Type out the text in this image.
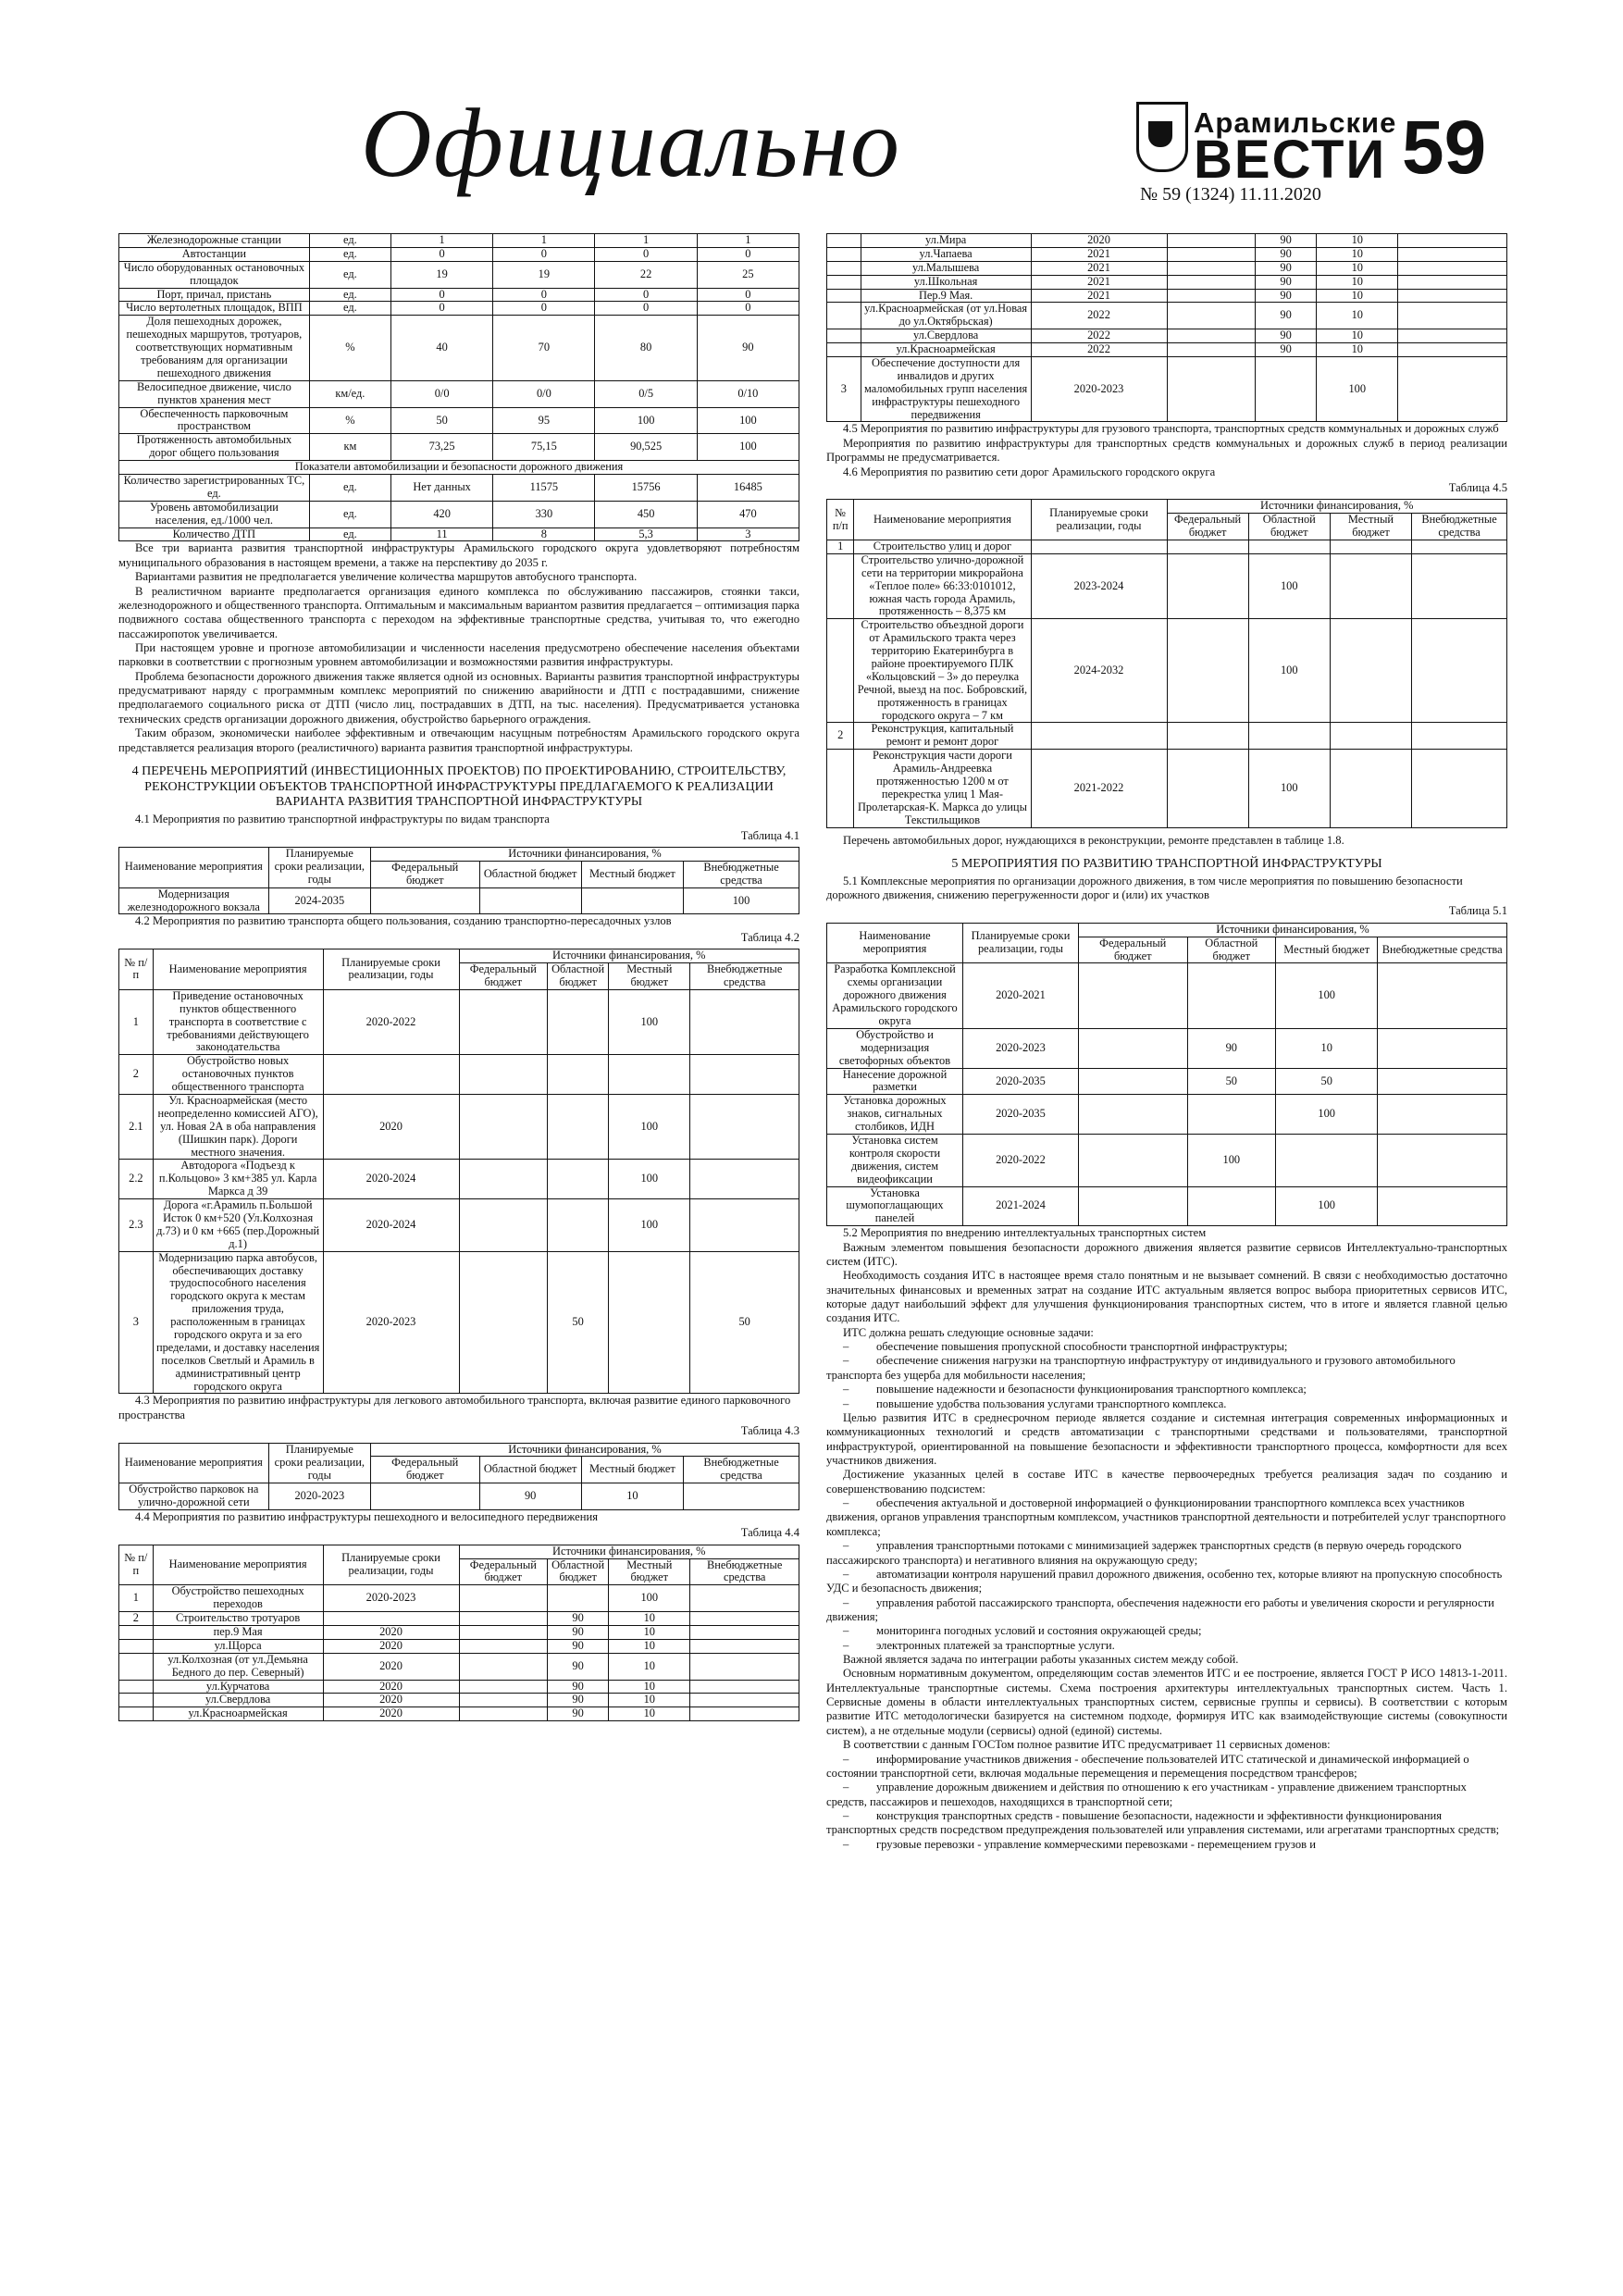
Официально	Арамильские
ВЕСТИ 59
№ 59 (1324) 11.11.2020
Железнодорожные станции	ед.	1	1	1	1
Автостанции	ед.	0	0	0	0
Число оборудованных остановочных площадок	ед.	19	19	22	25
Порт, причал, пристань	ед.	0	0	0	0
Число вертолетных площадок, ВПП	ед.	0	0	0	0
Доля пешеходных дорожек, пешеходных маршрутов, тротуаров, соответствующих нормативным требованиям для организации пешеходного движения	%	40	70	80	90
Велосипедное движение, число пунктов хранения мест	км/ед.	0/0	0/0	0/5	0/10
Обеспеченность парковочным пространством	%	50	95	100	100
Протяженность автомобильных дорог общего пользования	км	73,25	75,15	90,525	100
Показатели автомобилизации и безопасности дорожного движения					
Количество зарегистрированных ТС, ед.	ед.	Нет данных	11575	15756	16485
Уровень автомобилизации населения, ед./1000 чел.	ед.	420	330	450	470
Количество ДТП	ед.	11	8	5,3	3

Все три варианта развития транспортной инфраструктуры Арамильского городского округа удовлетворяют потребностям муниципального образования в настоящем времени, а также на перспективу до 2035 г.

Вариантами развития не предполагается увеличение количества маршрутов автобусного транспорта.

В реалистичном варианте предполагается организация единого комплекса по обслуживанию пассажиров, стоянки такси, железнодорожного и общественного транспорта. Оптимальным и максимальным вариантом развития предлагается – оптимизация парка подвижного состава общественного транспорта с переходом на эффективные транспортные средства, учитывая то, что ежегодно пассажиропоток увеличивается.

При настоящем уровне и прогнозе автомобилизации и численности населения предусмотрено обеспечение населения объектами парковки в соответствии с прогнозным уровнем автомобилизации и возможностями развития инфраструктуры.

Проблема безопасности дорожного движения также является одной из основных. Варианты развития транспортной инфраструктуры предусматривают наряду с программным комплекс мероприятий по снижению аварийности и ДТП с пострадавшими, снижение предполагаемого социального риска от ДТП (число лиц, пострадавших в ДТП, на тыс. населения). Предусматривается установка технических средств организации дорожного движения, обустройство барьерного ограждения.

Таким образом, экономически наиболее эффективным и отвечающим насущным потребностям Арамильского городского округа представляется реализация второго (реалистичного) варианта развития транспортной инфраструктуры.

4 ПЕРЕЧЕНЬ МЕРОПРИЯТИЙ (ИНВЕСТИЦИОННЫХ ПРОЕКТОВ) ПО ПРОЕКТИРОВАНИЮ, СТРОИТЕЛЬСТВУ, РЕКОНСТРУКЦИИ ОБЪЕКТОВ ТРАНСПОРТНОЙ ИНФРАСТРУКТУРЫ ПРЕДЛАГАЕМОГО К РЕАЛИЗАЦИИ ВАРИАНТА РАЗВИТИЯ ТРАНСПОРТНОЙ ИНФРАСТРУКТУРЫ

4.1 Мероприятия по развитию транспортной инфраструктуры по видам транспорта

Таблица 4.1
Наименование мероприятия	Планируемые сроки реализации, годы	Источники финансирования, %			
		Федеральный бюджет	Областной бюджет	Местный бюджет	Внебюджетные средства
Модернизация железнодорожного вокзала	2024-2035				100

4.2 Мероприятия по развитию транспорта общего пользования, созданию транспортно-пересадочных узлов

Таблица 4.2
№ п/п	Наименование мероприятия	Планируемые сроки реализации, годы	Источники финансирования, %			
			Федеральный бюджет	Областной бюджет	Местный бюджет	Внебюджетные средства
1	Приведение остановочных пунктов общественного транспорта в соответствие с требованиями действующего законодательства	2020-2022			100	
2	Обустройство новых остановочных пунктов общественного транспорта					
2.1	Ул. Красноармейская (место неопределенно комиссией АГО), ул. Новая 2А в оба направления (Шишкин парк). Дороги местного значения.	2020			100	
2.2	Автодорога «Подъезд к п.Кольцово» 3 км+385 ул. Карла Маркса д 39	2020-2024			100	
2.3	Дорога «г.Арамиль п.Большой Исток 0 км+520 (Ул.Колхозная д.73) и 0 км +665 (пер.Дорожный д.1)	2020-2024			100	
3	Модернизацию парка автобусов, обеспечивающих доставку трудоспособного населения городского округа к местам приложения труда, расположенным в границах городского округа и за его пределами, и доставку населения поселков Светлый и Арамиль в административный центр городского округа	2020-2023		50		50

4.3 Мероприятия по развитию инфраструктуры для легкового автомобильного транспорта, включая развитие единого парковочного пространства

Таблица 4.3
Наименование мероприятия	Планируемые сроки реализации, годы	Источники финансирования, %			
		Федеральный бюджет	Областной бюджет	Местный бюджет	Внебюджетные средства
Обустройство парковок на улично-дорожной сети	2020-2023		90	10	

4.4 Мероприятия по развитию инфраструктуры пешеходного и велосипедного передвижения

Таблица 4.4
№ п/п	Наименование мероприятия	Планируемые сроки реализации, годы	Источники финансирования, %			
			Федеральный бюджет	Областной бюджет	Местный бюджет	Внебюджетные средства
1	Обустройство пешеходных переходов	2020-2023			100	
2	Строительство тротуаров			90	10	
	пер.9 Мая	2020		90	10	
	ул.Щорса	2020		90	10	
	ул.Колхозная (от ул.Демьяна Бедного до пер. Северный)	2020		90	10	
	ул.Курчатова	2020		90	10	
	ул.Свердлова	2020		90	10	
	ул.Красноармейская	2020		90	10	
	ул.Мира	2020		90	10	
	ул.Чапаева	2021		90	10	
	ул.Малышева	2021		90	10	
	ул.Школьная	2021		90	10	
	Пер.9 Мая.	2021		90	10	
	ул.Красноармейская (от ул.Новая до ул.Октябрьская)	2022		90	10	
	ул.Свердлова	2022		90	10	
	ул.Красноармейская	2022		90	10	
3	Обеспечение доступности для инвалидов и других маломобильных групп населения инфраструктуры пешеходного передвижения	2020-2023			100	

4.5 Мероприятия по развитию инфраструктуры для грузового транспорта, транспортных средств коммунальных и дорожных служб

Мероприятия по развитию инфраструктуры для транспортных средств коммунальных и дорожных служб в период реализации Программы не предусматривается.

4.6 Мероприятия по развитию сети дорог Арамильского городского округа

Таблица 4.5
№ п/п	Наименование мероприятия	Планируемые сроки реализации, годы	Источники финансирования, %			
			Федеральный бюджет	Областной бюджет	Местный бюджет	Внебюджетные средства
1	Строительство улиц и дорог					
	Строительство улично-дорожной сети на территории микрорайона «Теплое поле» 66:33:0101012, южная часть города Арамиль, протяженность – 8,375 км	2023-2024		100		
	Строительство объездной дороги от Арамильского тракта через территорию Екатеринбурга в районе проектируемого ПЛК «Кольцовский – 3» до переулка Речной, выезд на пос. Бобровский, протяженность в границах городского округа – 7 км	2024-2032		100		
2	Реконструкция, капитальный ремонт и ремонт дорог					
	Реконструкция части дороги Арамиль-Андреевка протяженностью 1200 м от перекрестка улиц 1 Мая-Пролетарская-К. Маркса до улицы Текстильщиков	2021-2022		100		

Перечень автомобильных дорог, нуждающихся в реконструкции, ремонте представлен в таблице 1.8.

5 МЕРОПРИЯТИЯ ПО РАЗВИТИЮ ТРАНСПОРТНОЙ ИНФРАСТРУКТУРЫ

5.1 Комплексные мероприятия по организации дорожного движения, в том числе мероприятия по повышению безопасности дорожного движения, снижению перегруженности дорог и (или) их участков

Таблица 5.1
Наименование мероприятия	Планируемые сроки реализации, годы	Источники финансирования, %			
		Федеральный бюджет	Областной бюджет	Местный бюджет	Внебюджетные средства
Разработка Комплексной схемы организации дорожного движения Арамильского городского округа	2020-2021			100	
Обустройство и модернизация светофорных объектов	2020-2023		90	10	
Нанесение дорожной разметки	2020-2035		50	50	
Установка дорожных знаков, сигнальных столбиков, ИДН	2020-2035			100	
Установка систем контроля скорости движения, систем видеофиксации	2020-2022		100		
Установка шумопоглащающих панелей	2021-2024			100	

5.2 Мероприятия по внедрению интеллектуальных транспортных систем

Важным элементом повышения безопасности дорожного движения является развитие сервисов Интеллектуально-транспортных систем (ИТС).

Необходимость создания ИТС в настоящее время стало понятным и не вызывает сомнений. В связи с необходимостью достаточно значительных финансовых и временных затрат на создание ИТС актуальным является вопрос выбора приоритетных сервисов ИТС, которые дадут наибольший эффект для улучшения функционирования транспортных систем, что в итоге и является главной целью создания ИТС.

ИТС должна решать следующие основные задачи:

– обеспечение повышения пропускной способности транспортной инфраструктуры;

– обеспечение снижения нагрузки на транспортную инфраструктуру от индивидуального и грузового автомобильного транспорта без ущерба для мобильности населения;

– повышение надежности и безопасности функционирования транспортного комплекса;

– повышение удобства пользования услугами транспортного комплекса.

Целью развития ИТС в среднесрочном периоде является создание и системная интеграция современных информационных и коммуникационных технологий и средств автоматизации с транспортными средствами и пользователями, транспортной инфраструктурой, ориентированной на повышение безопасности и эффективности транспортного процесса, комфортности для всех участников движения.

Достижение указанных целей в составе ИТС в качестве первоочередных требуется реализация задач по созданию и совершенствованию подсистем:

– обеспечения актуальной и достоверной информацией о функционировании транспортного комплекса всех участников движения, органов управления транспортным комплексом, участников транспортной деятельности и потребителей услуг транспортного комплекса;

– управления транспортными потоками с минимизацией задержек транспортных средств (в первую очередь городского пассажирского транспорта) и негативного влияния на окружающую среду;

– автоматизации контроля нарушений правил дорожного движения, особенно тех, которые влияют на пропускную способность УДС и безопасность движения;

– управления работой пассажирского транспорта, обеспечения надежности его работы и увеличения скорости и регулярности движения;

– мониторинга погодных условий и состояния окружающей среды;

– электронных платежей за транспортные услуги.

Важной является задача по интеграции работы указанных систем между собой.

Основным нормативным документом, определяющим состав элементов ИТС и ее построение, является ГОСТ Р ИСО 14813-1-2011. Интеллектуальные транспортные системы. Схема построения архитектуры интеллектуальных транспортных систем. Часть 1. Сервисные домены в области интеллектуальных транспортных систем, сервисные группы и сервисы). В соответствии с которым развитие ИТС методологически базируется на системном подходе, формируя ИТС как взаимодействующие системы (совокупности систем), а не отдельные модули (сервисы) одной (единой) системы.

В соответствии с данным ГОСТом полное развитие ИТС предусматривает 11 сервисных доменов:

– информирование участников движения - обеспечение пользователей ИТС статической и динамической информацией о состоянии транспортной сети, включая модальные перемещения и перемещения посредством трансферов;

– управление дорожным движением и действия по отношению к его участникам - управление движением транспортных средств, пассажиров и пешеходов, находящихся в транспортной сети;

– конструкция транспортных средств - повышение безопасности, надежности и эффективности функционирования транспортных средств посредством предупреждения пользователей или управления системами, или агрегатами транспортных средств;

– грузовые перевозки - управление коммерческими перевозками - перемещением грузов и
